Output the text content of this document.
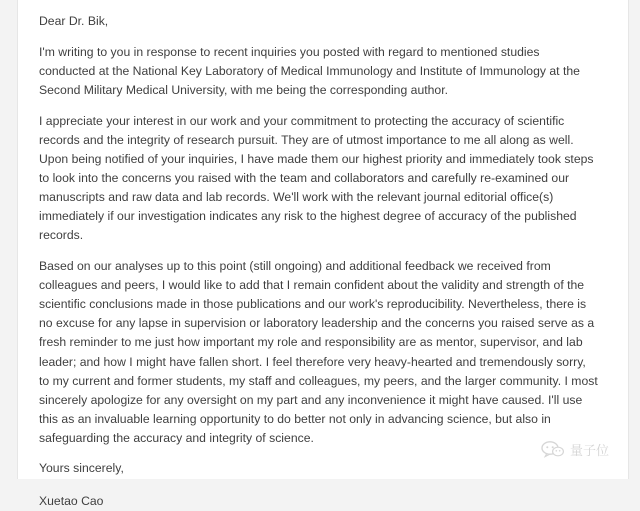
Dear Dr. Bik,

I'm writing to you in response to recent inquiries you posted with regard to mentioned studies conducted at the National Key Laboratory of Medical Immunology and Institute of Immunology at the Second Military Medical University, with me being the corresponding author.

I appreciate your interest in our work and your commitment to protecting the accuracy of scientific records and the integrity of research pursuit. They are of utmost importance to me all along as well. Upon being notified of your inquiries, I have made them our highest priority and immediately took steps to look into the concerns you raised with the team and collaborators and carefully re-examined our manuscripts and raw data and lab records. We'll work with the relevant journal editorial office(s) immediately if our investigation indicates any risk to the highest degree of accuracy of the published records.

Based on our analyses up to this point (still ongoing) and additional feedback we received from colleagues and peers, I would like to add that I remain confident about the validity and strength of the scientific conclusions made in those publications and our work's reproducibility. Nevertheless, there is no excuse for any lapse in supervision or laboratory leadership and the concerns you raised serve as a fresh reminder to me just how important my role and responsibility are as mentor, supervisor, and lab leader; and how I might have fallen short. I feel therefore very heavy-hearted and tremendously sorry, to my current and former students, my staff and colleagues, my peers, and the larger community. I most sincerely apologize for any oversight on my part and any inconvenience it might have caused. I'll use this as an invaluable learning opportunity to do better not only in advancing science, but also in safeguarding the accuracy and integrity of science.

Yours sincerely,

Xuetao Cao

量子位
